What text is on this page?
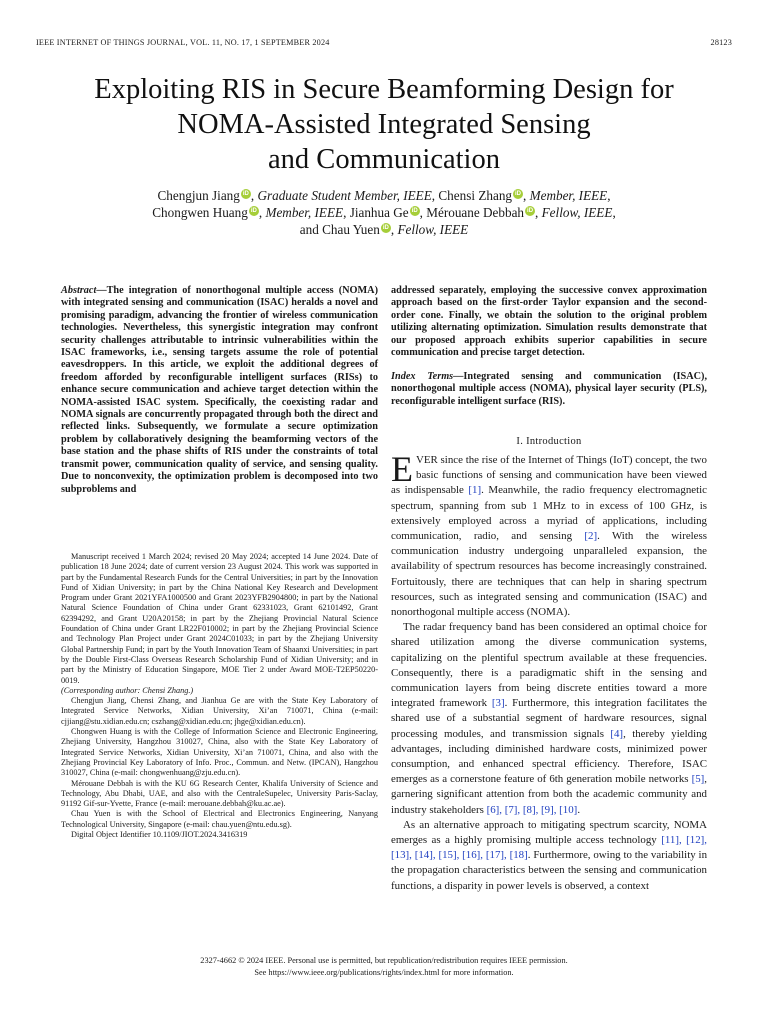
IEEE INTERNET OF THINGS JOURNAL, VOL. 11, NO. 17, 1 SEPTEMBER 2024	28123
Exploiting RIS in Secure Beamforming Design for
NOMA-Assisted Integrated Sensing
and Communication
Chengjun Jiang iD , Graduate Student Member, IEEE, Chensi Zhang iD , Member, IEEE,
Chongwen Huang iD , Member, IEEE, Jianhua Ge iD , Mérouane Debbah iD , Fellow, IEEE,
and Chau Yuen iD , Fellow, IEEE
Abstract—The integration of nonorthogonal multiple access (NOMA) with integrated sensing and communication (ISAC) heralds a novel and promising paradigm, advancing the frontier of wireless communication technologies. Nevertheless, this synergistic integration may confront security challenges attributable to intrinsic vulnerabilities within the ISAC frameworks, i.e., sensing targets assume the role of potential eavesdroppers. In this article, we exploit the additional degrees of freedom afforded by reconfigurable intelligent surfaces (RISs) to enhance secure communication and achieve target detection within the NOMA-assisted ISAC system. Specifically, the coexisting radar and NOMA signals are concurrently propagated through both the direct and reflected links. Subsequently, we formulate a secure optimization problem by collaboratively designing the beamforming vectors of the base station and the phase shifts of RIS under the constraints of total transmit power, communication quality of service, and sensing quality. Due to nonconvexity, the optimization problem is decomposed into two subproblems and
addressed separately, employing the successive convex approximation approach based on the first-order Taylor expansion and the second-order cone. Finally, we obtain the solution to the original problem utilizing alternating optimization. Simulation results demonstrate that our proposed approach exhibits superior capabilities in secure communication and precise target detection.
Index Terms—Integrated sensing and communication (ISAC), nonorthogonal multiple access (NOMA), physical layer security (PLS), reconfigurable intelligent surface (RIS).

Manuscript received 1 March 2024; revised 20 May 2024; accepted 14 June 2024. Date of publication 18 June 2024; date of current version 23 August 2024. This work was supported in part by the Fundamental Research Funds for the Central Universities; in part by the Innovation Fund of Xidian University; in part by the China National Key Research and Development Program under Grant 2021YFA1000500 and Grant 2023YFB2904800; in part by the National Natural Science Foundation of China under Grant 62331023, Grant 62101492, Grant 62394292, and Grant U20A20158; in part by the Zhejiang Provincial Natural Science Foundation of China under Grant LR22F010002; in part by the Zhejiang Provincial Science and Technology Plan Project under Grant 2024C01033; in part by the Zhejiang University Global Partnership Fund; in part by the Youth Innovation Team of Shaanxi Universities; in part by the Double First-Class Overseas Research Scholarship Fund of Xidian University; and in part by the Ministry of Education Singapore, MOE Tier 2 under Award MOE-T2EP50220-0019.
(Corresponding author: Chensi Zhang.)

Chengjun Jiang, Chensi Zhang, and Jianhua Ge are with the State Key Laboratory of Integrated Service Networks, Xidian University, Xi’an 710071, China (e-mail: cjjiang@stu.xidian.edu.cn; cszhang@xidian.edu.cn; jhge@xidian.edu.cn).

Chongwen Huang is with the College of Information Science and Electronic Engineering, Zhejiang University, Hangzhou 310027, China, also with the State Key Laboratory of Integrated Service Networks, Xidian University, Xi’an 710071, China, and also with the Zhejiang Provincial Key Laboratory of Info. Proc., Commun. and Netw. (IPCAN), Hangzhou 310027, China (e-mail: chongwenhuang@zju.edu.cn).

Mérouane Debbah is with the KU 6G Research Center, Khalifa University of Science and Technology, Abu Dhabi, UAE, and also with the CentraleSupelec, University Paris-Saclay, 91192 Gif-sur-Yvette, France (e-mail: merouane.debbah@ku.ac.ae).

Chau Yuen is with the School of Electrical and Electronics Engineering, Nanyang Technological University, Singapore (e-mail: chau.yuen@ntu.edu.sg).

Digital Object Identifier 10.1109/JIOT.2024.3416319

I. Introduction

EVER since the rise of the Internet of Things (IoT) concept, the two basic functions of sensing and communication have been viewed as indispensable [1]. Meanwhile, the radio frequency electromagnetic spectrum, spanning from sub 1 MHz to in excess of 100 GHz, is extensively employed across a myriad of applications, including communication, radio, and sensing [2]. With the wireless communication industry undergoing unparalleled expansion, the availability of spectrum resources has become increasingly constrained. Fortuitously, there are techniques that can help in sharing spectrum resources, such as integrated sensing and communication (ISAC) and nonorthogonal multiple access (NOMA).

The radar frequency band has been considered an optimal choice for shared utilization among the diverse communication systems, capitalizing on the plentiful spectrum available at these frequencies. Consequently, there is a paradigmatic shift in the sensing and communication layers from being discrete entities toward a more integrated framework [3]. Furthermore, this integration facilitates the shared use of a substantial segment of hardware resources, signal processing modules, and transmission signals [4], thereby yielding advantages, including diminished hardware costs, minimized power consumption, and enhanced spectral efficiency. Therefore, ISAC emerges as a cornerstone feature of 6th generation mobile networks [5], garnering significant attention from both the academic community and industry stakeholders [6], [7], [8], [9], [10].

As an alternative approach to mitigating spectrum scarcity, NOMA emerges as a highly promising multiple access technology [11], [12], [13], [14], [15], [16], [17], [18]. Furthermore, owing to the variability in the propagation characteristics between the sensing and communication functions, a disparity in power levels is observed, a context

2327-4662 © 2024 IEEE. Personal use is permitted, but republication/redistribution requires IEEE permission.
See https://www.ieee.org/publications/rights/index.html for more information.
